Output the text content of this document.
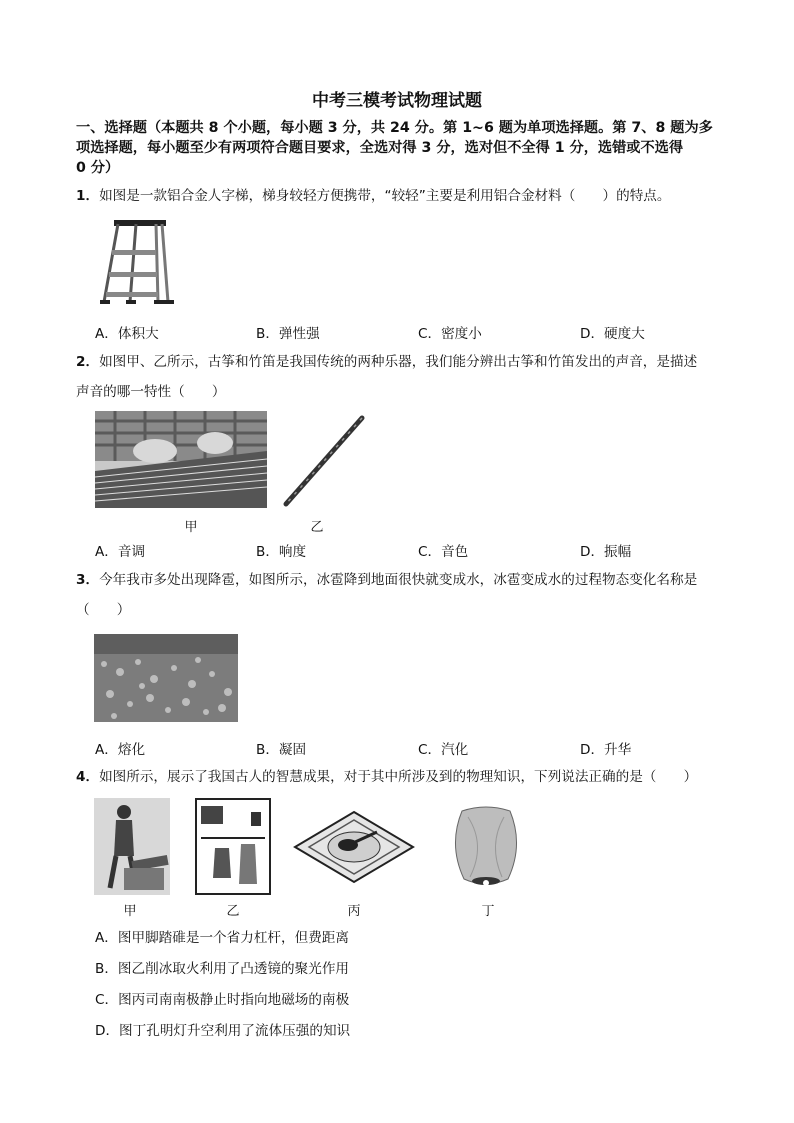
中考三模考试物理试题
一、选择题（本题共 8 个小题，每小题 3 分，共 24 分。第 1~6 题为单项选择题。第 7、8 题为多
项选择题，每小题至少有两项符合题目要求，全选对得 3 分，选对但不全得 1 分，选错或不选得
0 分）
1．如图是一款铝合金人字梯，梯身较轻方便携带，“较轻”主要是利用铝合金材料（　　）的特点。
A．体积大	B．弹性强	C．密度小	D．硬度大
2．如图甲、乙所示，古筝和竹笛是我国传统的两种乐器，我们能分辨出古筝和竹笛发出的声音，是描述
声音的哪一特性（　　）
甲	乙
A．音调	B．响度	C．音色	D．振幅
3．今年我市多处出现降雹，如图所示，冰雹降到地面很快就变成水，冰雹变成水的过程物态变化名称是
（　　）
A．熔化	B．凝固	C．汽化	D．升华
4．如图所示，展示了我国古人的智慧成果，对于其中所涉及到的物理知识，下列说法正确的是（　　）
甲	乙	丙	丁
A．图甲脚踏碓是一个省力杠杆，但费距离
B．图乙削冰取火利用了凸透镜的聚光作用
C．图丙司南南极静止时指向地磁场的南极
D．图丁孔明灯升空利用了流体压强的知识
